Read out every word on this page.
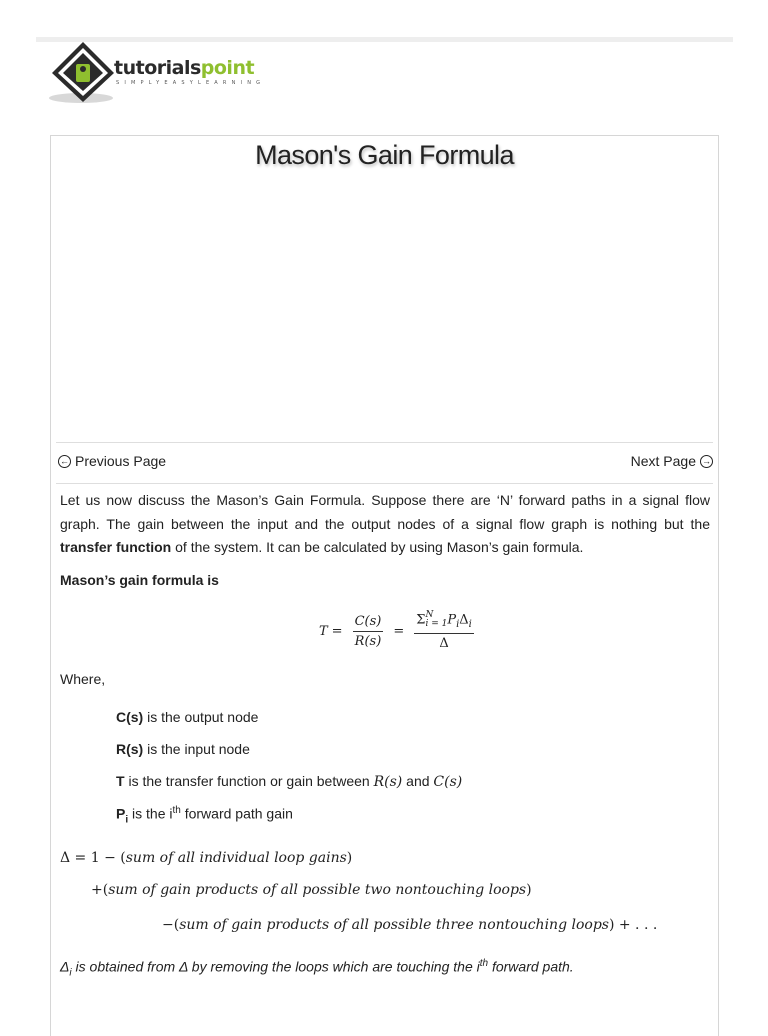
tutorialspoint
SIMPLYEASYLEARNING
Mason's Gain Formula
← Previous Page	Next Page →

Let us now discuss the Mason’s Gain Formula. Suppose there are ‘N’ forward paths in a signal flow graph. The gain between the input and the output nodes of a signal flow graph is nothing but the transfer function of the system. It can be calculated by using Mason’s gain formula.

Mason’s gain formula is

$T = \frac{C(s)}{R(s)} = \Sigma$ N
i = 1 $P_i\Delta_i$
Δ
Where,
C(s) is the output node
R(s) is the input node
T is the transfer function or gain between R(s) and C(s)
$P_i$ is the $i^{th}$ forward path gain
Δ = 1 − (sum of all individual loop gains)
+(sum of gain products of all possible two nontouching loops)
−(sum of gain products of all possible three nontouching loops) + . . .
$\Delta_i$ is obtained from Δ by removing the loops which are touching the $i^{th}$ forward path.
